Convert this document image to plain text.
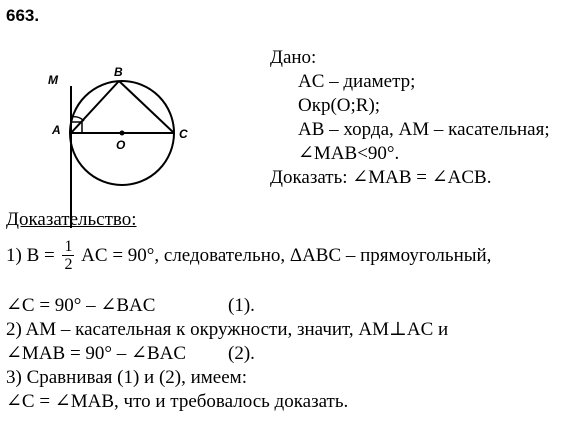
663.
M
B
A
O
C
Дано:
AC – диаметр;
Окр(O;R);
AB – хорда, AM – касательная;
∠MAB<90°.
Доказать: ∠MAB = ∠ACB.
Доказательство:
1) $B = \frac{1}{2}$ AC = 90°, следовательно, ΔABC – прямоугольный,
∠C = 90° – ∠BAC	(1).
2) AM – касательная к окружности, значит, AM⊥AC и
∠MAB = 90° – ∠BAC (2).
3) Сравнивая (1) и (2), имеем:
∠C = ∠MAB, что и требовалось доказать.
